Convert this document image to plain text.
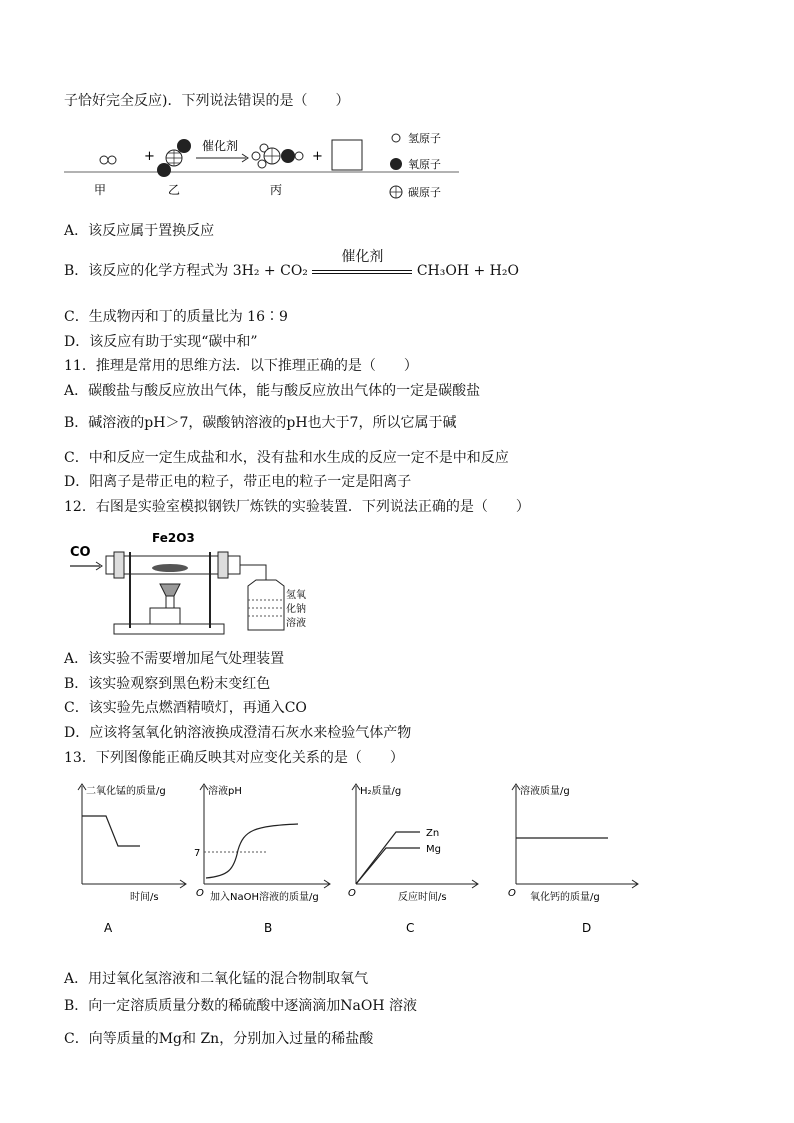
子恰好完全反应)．下列说法错误的是（　　）
+
催化剂
+
甲	乙	丙
氢原子
氧原子
碳原子
A．该反应属于置换反应
B．该反应的化学方程式为 3H₂ + CO₂
催化剂
CH₃OH + H₂O
C．生成物丙和丁的质量比为 16∶9
D．该反应有助于实现“碳中和”
11．推理是常用的思维方法．以下推理正确的是（　　）
A．碳酸盐与酸反应放出气体，能与酸反应放出气体的一定是碳酸盐
B．碱溶液的pH＞7，碳酸钠溶液的pH也大于7，所以它属于碱
C．中和反应一定生成盐和水，没有盐和水生成的反应一定不是中和反应
D．阳离子是带正电的粒子，带正电的粒子一定是阳离子
12．右图是实验室模拟钢铁厂炼铁的实验装置．下列说法正确的是（　　）
CO
Fe2O3
氢氧
化钠
溶液
A．该实验不需要增加尾气处理装置
B．该实验观察到黑色粉末变红色
C．该实验先点燃酒精喷灯，再通入CO
D．应该将氢氧化钠溶液换成澄清石灰水来检验气体产物
13．下列图像能正确反映其对应变化关系的是（　　）
二氧化锰的质量/g
时间/s
A
溶液pH
7
O 加入NaOH溶液的质量/g
B
H₂质量/g
O	反应时间/s
Zn
Mg
C
溶液质量/g
O 氧化钙的质量/g
D
A．用过氧化氢溶液和二氧化锰的混合物制取氧气
B．向一定溶质质量分数的稀硫酸中逐滴滴加NaOH 溶液
C．向等质量的Mg和 Zn，分别加入过量的稀盐酸
